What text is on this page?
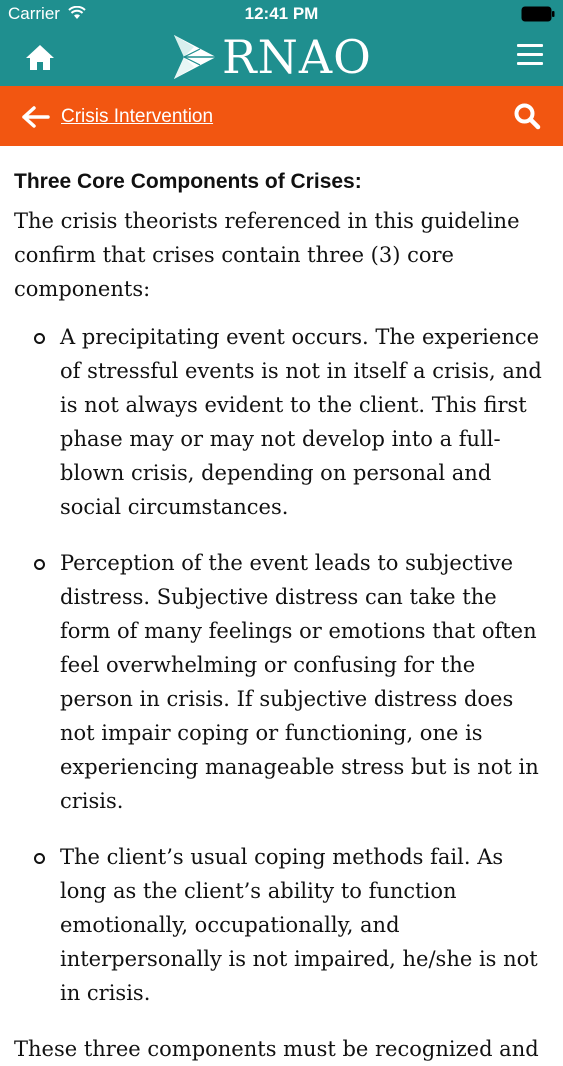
Carrier	12:41 PM
RNAO
Crisis Intervention
Three Core Components of Crises:

The crisis theorists referenced in this guideline confirm that crises contain three (3) core components:

A precipitating event occurs. The experience of stressful events is not in itself a crisis, and is not always evident to the client. This first phase may or may not develop into a full-blown crisis, depending on personal and social circumstances.
Perception of the event leads to subjective distress. Subjective distress can take the form of many feelings or emotions that often feel overwhelming or confusing for the person in crisis. If subjective distress does not impair coping or functioning, one is experiencing manageable stress but is not in crisis.
The client’s usual coping methods fail. As long as the client’s ability to function emotionally, occupationally, and interpersonally is not impaired, he/she is not in crisis.

These three components must be recognized and
